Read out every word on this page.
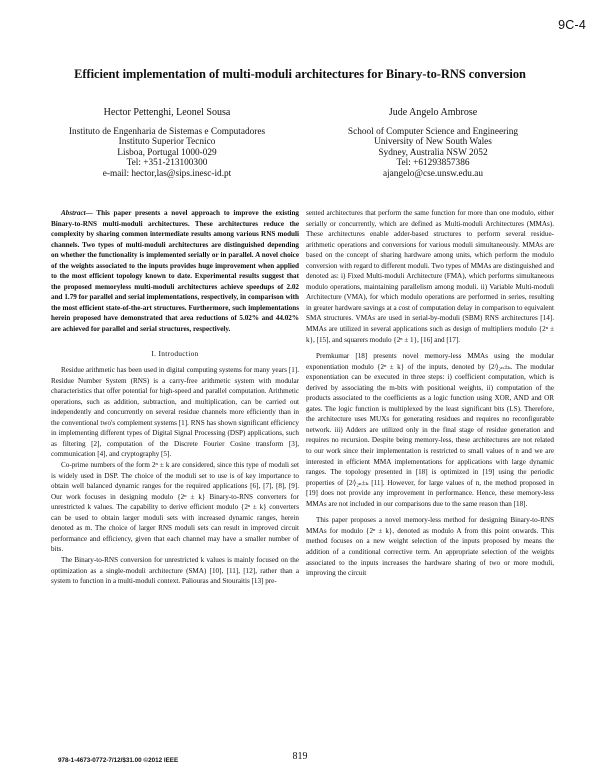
9C-4
Efficient implementation of multi-moduli architectures for Binary-to-RNS conversion
Hector Pettenghi, Leonel Sousa
Instituto de Engenharia de Sistemas e Computadores
Instituto Superior Tecnico
Lisboa, Portugal 1000-029
Tel: +351-213100300
e-mail: hector,las@sips.inesc-id.pt
Jude Angelo Ambrose
School of Computer Science and Engineering
University of New South Wales
Sydney, Australia NSW 2052
Tel: +61293857386
ajangelo@cse.unsw.edu.au

Abstract— This paper presents a novel approach to improve the existing Binary-to-RNS multi-moduli architectures. These architectures reduce the complexity by sharing common intermediate results among various RNS moduli channels. Two types of multi-moduli architectures are distinguished depending on whether the functionality is implemented serially or in parallel. A novel choice of the weights associated to the inputs provides huge improvement when applied to the most efficient topology known to date. Experimental results suggest that the proposed memoryless multi-moduli architectures achieve speedups of 2.02 and 1.79 for parallel and serial implementations, respectively, in comparison with the most efficient state-of-the-art structures. Furthermore, such implementations herein proposed have demonstrated that area reductions of 5.02% and 44.02% are achieved for parallel and serial structures, respectively.

I. Introduction

Residue arithmetic has been used in digital computing systems for many years [1]. Residue Number System (RNS) is a carry-free arithmetic system with modular characteristics that offer potential for high-speed and parallel computation. Arithmetic operations, such as addition, subtraction, and multiplication, can be carried out independently and concurrently on several residue channels more efficiently than in the conventional two's complement systems [1]. RNS has shown significant efficiency in implementing different types of Digital Signal Processing (DSP) applications, such as filtering [2], computation of the Discrete Fourier Cosine transform [3], communication [4], and cryptography [5].

Co-prime numbers of the form 2ⁿ ± k are considered, since this type of moduli set is widely used in DSP. The choice of the moduli set to use is of key importance to obtain well balanced dynamic ranges for the required applications [6], [7], [8], [9]. Our work focuses in designing modulo {2ⁿ ± k} Binary-to-RNS converters for unrestricted k values. The capability to derive efficient modulo {2ⁿ ± k} converters can be used to obtain larger moduli sets with increased dynamic ranges, herein denoted as m. The choice of larger RNS moduli sets can result in improved circuit performance and efficiency, given that each channel may have a smaller number of bits.

The Binary-to-RNS conversion for unrestricted k values is mainly focused on the optimization as a single-moduli architecture (SMA) [10], [11], [12], rather than a system to function in a multi-moduli context. Paliouras and Stouraitis [13] pre-

sented architectures that perform the same function for more than one modulo, either serially or concurrently, which are defined as Multi-moduli Architectures (MMAs). These architectures enable adder-based structures to perform several residue-arithmetic operations and conversions for various moduli simultaneously. MMAs are based on the concept of sharing hardware among units, which perform the modulo conversion with regard to different moduli. Two types of MMAs are distinguished and denoted as: i) Fixed Multi-moduli Architecture (FMA), which performs simultaneous modulo operations, maintaining parallelism among moduli. ii) Variable Multi-moduli Architecture (VMA), for which modulo operations are performed in series, resulting in greater hardware savings at a cost of computation delay in comparison to equivalent SMA structures. VMAs are used in serial-by-moduli (SBM) RNS architectures [14]. MMAs are utilized in several applications such as design of multipliers modulo {2ⁿ ± k}, [15], and squarers modulo {2ⁿ ± 1}, [16] and [17].

Premkumar [18] presents novel memory-less MMAs using the modular exponentiation modulo {2ⁿ ± k} of the inputs, denoted by ⟨2ʲ⟩₂ₙ±ₖ. The modular exponentiation can be executed in three steps: i) coefficient computation, which is derived by associating the m-bits with positional weights, ii) computation of the products associated to the coefficients as a logic function using XOR, AND and OR gates. The logic function is multiplexed by the least significant bits (LS). Therefore, the architecture uses MUXs for generating residues and requires no reconfigurable network. iii) Adders are utilized only in the final stage of residue generation and requires no recursion. Despite being memory-less, these architectures are not related to our work since their implementation is restricted to small values of n and we are interested in efficient MMA implementations for applications with large dynamic ranges. The topology presented in [18] is optimized in [19] using the periodic properties of ⟨2ʲ⟩₂ₙ±ₖ [11]. However, for large values of n, the method proposed in [19] does not provide any improvement in performance. Hence, these memory-less MMAs are not included in our comparisons due to the same reason than [18].

This paper proposes a novel memory-less method for designing Binary-to-RNS MMAs for modulo {2ⁿ ± k}, denoted as modulo A from this point onwards. This method focuses on a new weight selection of the inputs proposed by means the addition of a conditional corrective term. An appropriate selection of the weights associated to the inputs increases the hardware sharing of two or more moduli, improving the circuit

978-1-4673-0772-7/12/$31.00 ©2012 IEEE	819
